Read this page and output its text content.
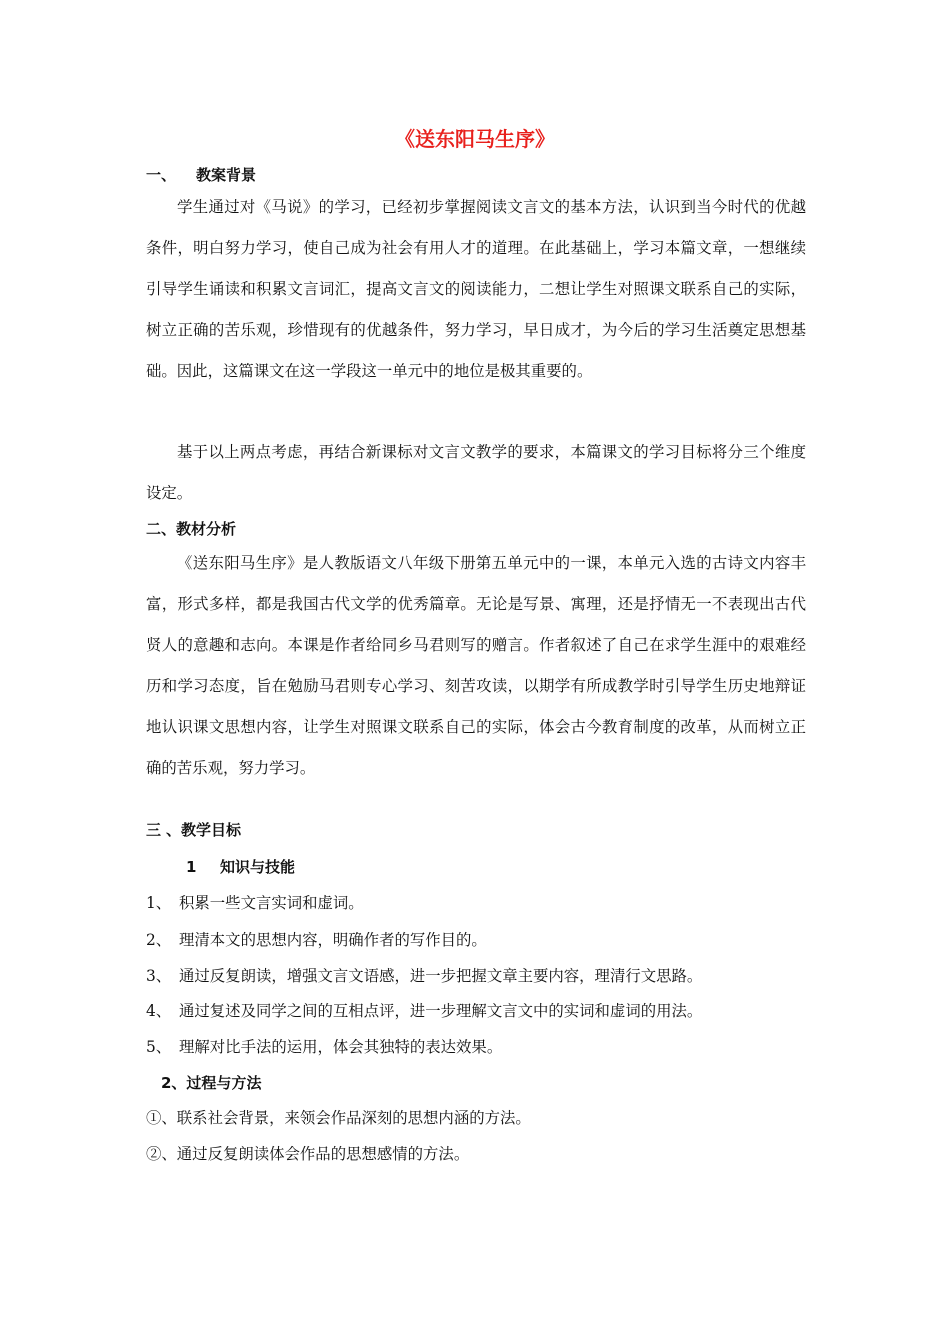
《送东阳马生序》
一、 教案背景

学生通过对《马说》的学习，已经初步掌握阅读文言文的基本方法，认识到当今时代的优越条件，明白努力学习，使自己成为社会有用人才的道理。在此基础上，学习本篇文章，一想继续引导学生诵读和积累文言词汇，提高文言文的阅读能力，二想让学生对照课文联系自己的实际，树立正确的苦乐观，珍惜现有的优越条件，努力学习，早日成才，为今后的学习生活奠定思想基础。因此，这篇课文在这一学段这一单元中的地位是极其重要的。

基于以上两点考虑，再结合新课标对文言文教学的要求，本篇课文的学习目标将分三个维度设定。

二、教材分析

《送东阳马生序》是人教版语文八年级下册第五单元中的一课，本单元入选的古诗文内容丰富，形式多样，都是我国古代文学的优秀篇章。无论是写景、寓理，还是抒情无一不表现出古代贤人的意趣和志向。本课是作者给同乡马君则写的赠言。作者叙述了自己在求学生涯中的艰难经历和学习态度，旨在勉励马君则专心学习、刻苦攻读，以期学有所成教学时引导学生历史地辩证地认识课文思想内容，让学生对照课文联系自己的实际，体会古今教育制度的改革，从而树立正确的苦乐观，努力学习。

三 、教学目标
1 知识与技能
1、 积累一些文言实词和虚词。
2、 理清本文的思想内容，明确作者的写作目的。
3、 通过反复朗读，增强文言文语感，进一步把握文章主要内容，理清行文思路。
4、 通过复述及同学之间的互相点评，进一步理解文言文中的实词和虚词的用法。
5、 理解对比手法的运用，体会其独特的表达效果。
2、过程与方法
①、联系社会背景，来领会作品深刻的思想内涵的方法。
②、通过反复朗读体会作品的思想感情的方法。
